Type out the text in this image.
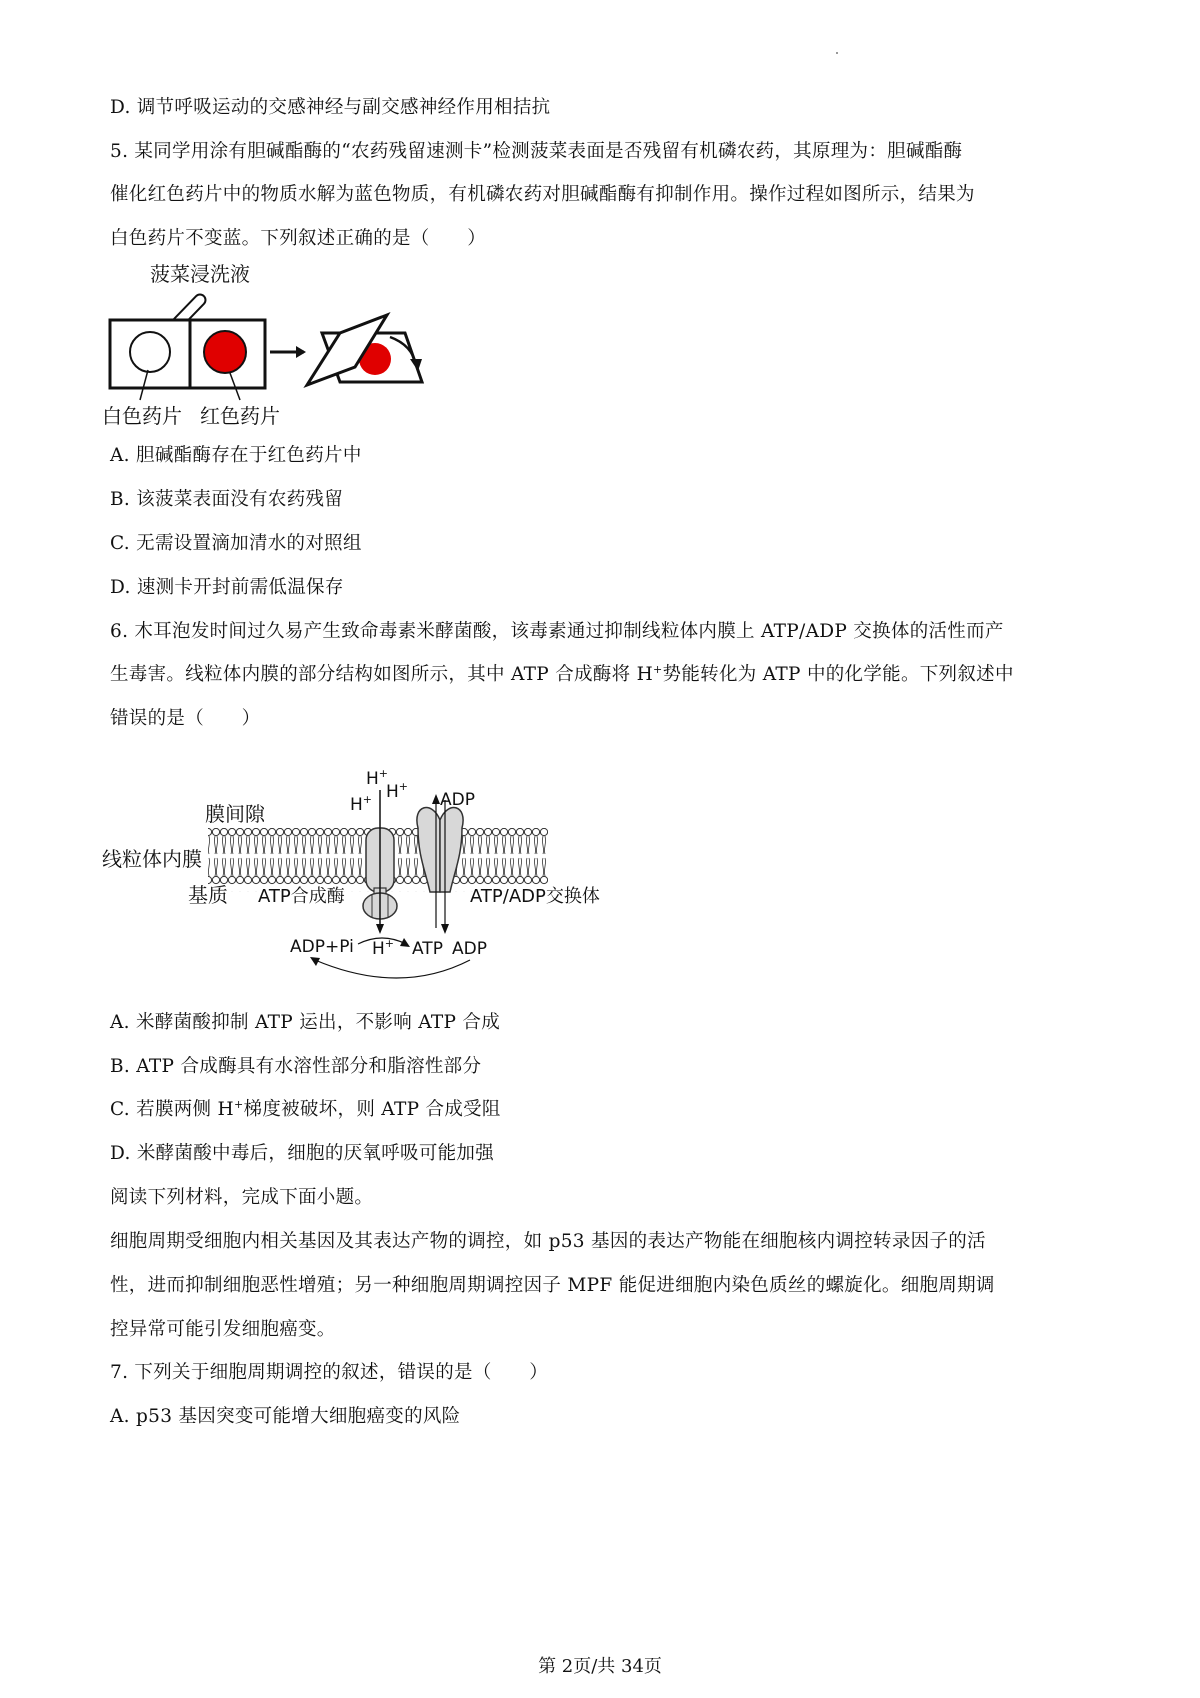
D. 调节呼吸运动的交感神经与副交感神经作用相拮抗
5. 某同学用涂有胆碱酯酶的“农药残留速测卡”检测菠菜表面是否残留有机磷农药，其原理为：胆碱酯酶
催化红色药片中的物质水解为蓝色物质，有机磷农药对胆碱酯酶有抑制作用。操作过程如图所示，结果为
白色药片不变蓝。下列叙述正确的是（　　）
菠菜浸洗液
白色药片 红色药片
A. 胆碱酯酶存在于红色药片中
B. 该菠菜表面没有农药残留
C. 无需设置滴加清水的对照组
D. 速测卡开封前需低温保存
6. 木耳泡发时间过久易产生致命毒素米酵菌酸，该毒素通过抑制线粒体内膜上 ATP/ADP 交换体的活性而产
生毒害。线粒体内膜的部分结构如图所示，其中 ATP 合成酶将 H+势能转化为 ATP 中的化学能。下列叙述中
错误的是（　　）
膜间隙
线粒体内膜
基质 ATP合成酶	ATP/ADP交换体
H+
H+
H+	ADP
ADP+Pi H+ ATP ADP
A. 米酵菌酸抑制 ATP 运出，不影响 ATP 合成
B. ATP 合成酶具有水溶性部分和脂溶性部分
C. 若膜两侧 H+梯度被破坏，则 ATP 合成受阻
D. 米酵菌酸中毒后，细胞的厌氧呼吸可能加强
阅读下列材料，完成下面小题。
细胞周期受细胞内相关基因及其表达产物的调控，如 p53 基因的表达产物能在细胞核内调控转录因子的活
性，进而抑制细胞恶性增殖；另一种细胞周期调控因子 MPF 能促进细胞内染色质丝的螺旋化。细胞周期调
控异常可能引发细胞癌变。
7. 下列关于细胞周期调控的叙述，错误的是（　　）
A. p53 基因突变可能增大细胞癌变的风险
第 2页/共 34页
